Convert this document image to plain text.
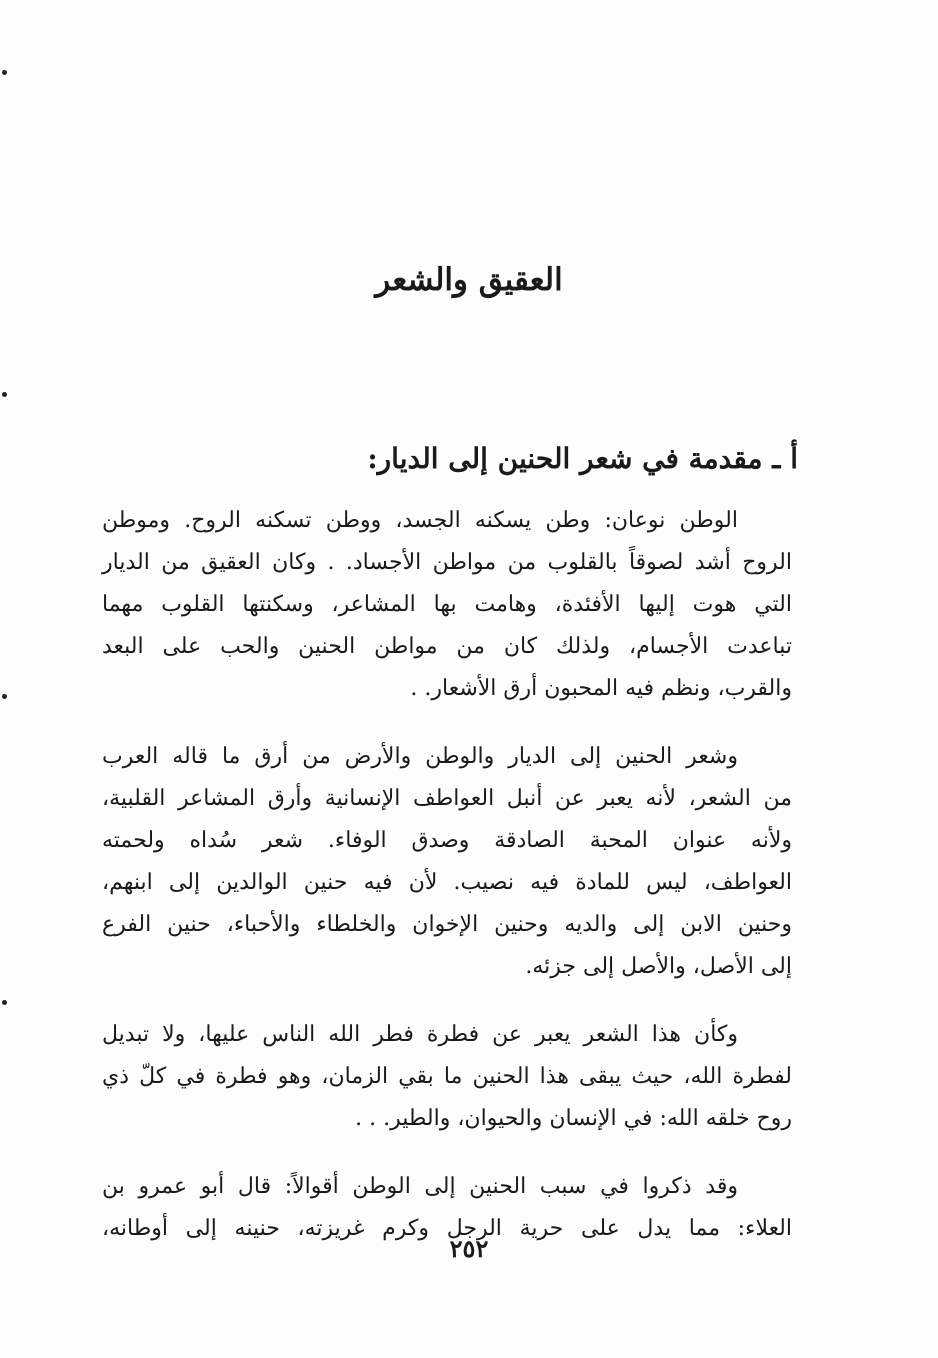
العقيق والشعر
أ ـ مقدمة في شعر الحنين إلى الديار:

الوطن نوعان: وطن يسكنه الجسد، ووطن تسكنه الروح. وموطن
الروح أشد لصوقاً بالقلوب من مواطن الأجساد. . وكان العقيق من الديار
التي هوت إليها الأفئدة، وهامت بها المشاعر، وسكنتها القلوب مهما
تباعدت الأجسام، ولذلك كان من مواطن الحنين والحب على البعد
والقرب، ونظم فيه المحبون أرق الأشعار. .

وشعر الحنين إلى الديار والوطن والأرض من أرق ما قاله العرب
من الشعر، لأنه يعبر عن أنبل العواطف الإنسانية وأرق المشاعر القلبية،
ولأنه عنوان المحبة الصادقة وصدق الوفاء. شعر سُداه ولحمته
العواطف، ليس للمادة فيه نصيب. لأن فيه حنين الوالدين إلى ابنهم،
وحنين الابن إلى والديه وحنين الإخوان والخلطاء والأحباء، حنين الفرع
إلى الأصل، والأصل إلى جزئه.

وكأن هذا الشعر يعبر عن فطرة فطر الله الناس عليها، ولا تبديل
لفطرة الله، حيث يبقى هذا الحنين ما بقي الزمان، وهو فطرة في كلّ ذي
روح خلقه الله: في الإنسان والحيوان، والطير. . .

وقد ذكروا في سبب الحنين إلى الوطن أقوالاً: قال أبو عمرو بن
العلاء: مما يدل على حرية الرجل وكرم غريزته، حنينه إلى أوطانه،

٢٥٢
